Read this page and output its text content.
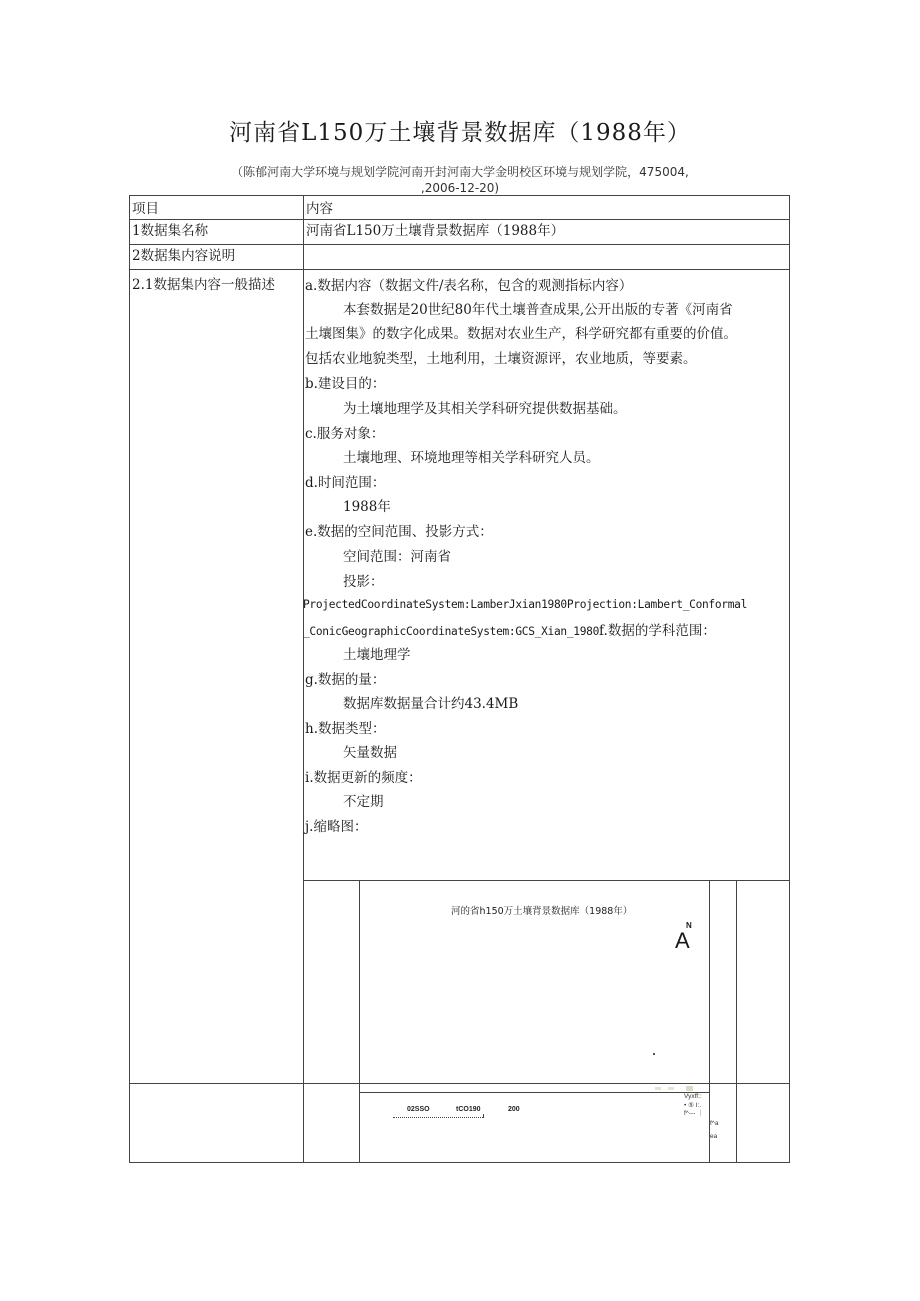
河南省L150万土壤背景数据库（1988年）
（陈郁河南大学环境与规划学院河南开封河南大学金明校区环境与规划学院，475004,
,2006-12-20)
项目	内容
1数据集名称	河南省L150万土壤背景数据库（1988年）
2数据集内容说明
2.1数据集内容一般描述 a.数据内容（数据文件/表名称，包含的观测指标内容）
本套数据是20世纪80年代土壤普查成果,公开出版的专著《河南省
土壤图集》的数字化成果。数据对农业生产，科学研究都有重要的价值。
包括农业地貌类型，土地利用，土壤资源评，农业地质，等要素。
b.建设目的：
为土壤地理学及其相关学科研究提供数据基础。
c.服务对象：
土壤地理、环境地理等相关学科研究人员。
d.时间范围：
1988年
e.数据的空间范围、投影方式：
空间范围：河南省
投影：
ProjectedCoordinateSystem:LamberJxian1980Projection:Lambert_Conformal
_ConicGeographicCoordinateSystem:GCS_Xian_1980f.数据的学科范围：
土壤地理学
g.数据的量：
数据库数据量合计约43.4MB
h.数据类型：
矢量数据
i.数据更新的频度：
不定期
j.缩略图：
河的省h150万土壤背景数据库（1988年）
N
A
02SSO	tCO190	200
Vyxff::
• ⑤ I:.
f^--- ｜
f^a
ea
